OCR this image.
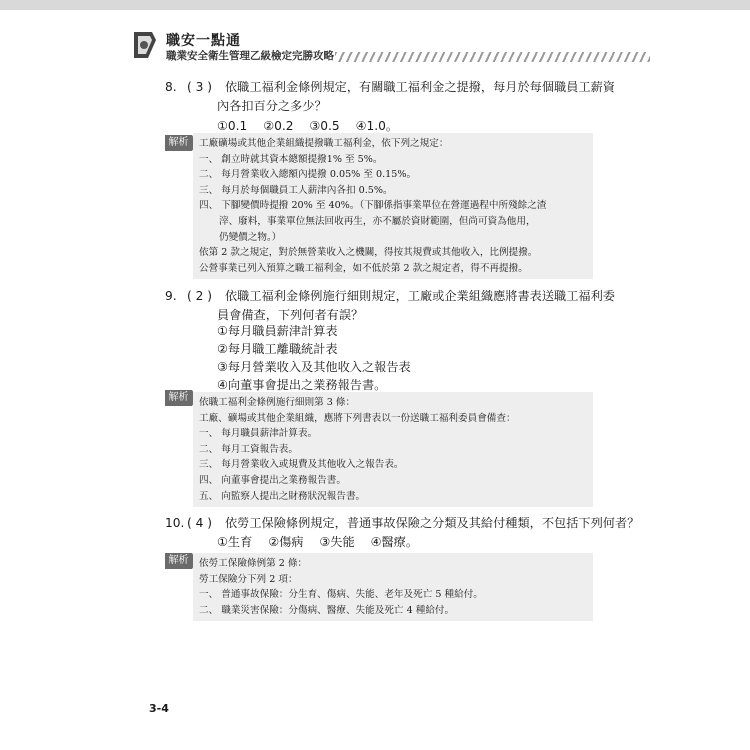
職安一點通
職業安全衛生管理乙級檢定完勝攻略
8. ( 3 ) 依職工福利金條例規定，有關職工福利金之提撥，每月於每個職員工薪資
內各扣百分之多少？
①0.1 ②0.2 ③0.5 ④1.0。
解析	工廠礦場或其他企業組織提撥職工福利金，依下列之規定：
一、 創立時就其資本總額提撥1% 至 5%。
二、 每月營業收入總額內提撥 0.05% 至 0.15%。
三、 每月於每個職員工人薪津內各扣 0.5%。
四、 下腳變價時提撥 20% 至 40%。（下腳係指事業單位在營運過程中所殘餘之渣
滓、廢料，事業單位無法回收再生，亦不屬於資財範圍，但尚可資為他用，
仍變價之物。）
依第 2 款之規定，對於無營業收入之機關，得按其規費或其他收入，比例提撥。
公營事業已列入預算之職工福利金，如不低於第 2 款之規定者，得不再提撥。
9. ( 2 ) 依職工福利金條例施行細則規定，工廠或企業組織應將書表送職工福利委
員會備查，下列何者有誤？
①每月職員薪津計算表
②每月職工離職統計表
③每月營業收入及其他收入之報告表
④向董事會提出之業務報告書。
解析	依職工福利金條例施行細則第 3 條：
工廠、礦場或其他企業組織，應將下列書表以一份送職工福利委員會備查：
一、 每月職員薪津計算表。
二、 每月工資報告表。
三、 每月營業收入或規費及其他收入之報告表。
四、 向董事會提出之業務報告書。
五、 向監察人提出之財務狀況報告書。
10. ( 4 ) 依勞工保險條例規定，普通事故保險之分類及其給付種類，不包括下列何者？
①生育 ②傷病 ③失能 ④醫療。
解析	依勞工保險條例第 2 條：
勞工保險分下列 2 項：
一、 普通事故保險：分生育、傷病、失能、老年及死亡 5 種給付。
二、 職業災害保險：分傷病、醫療、失能及死亡 4 種給付。
3-4
